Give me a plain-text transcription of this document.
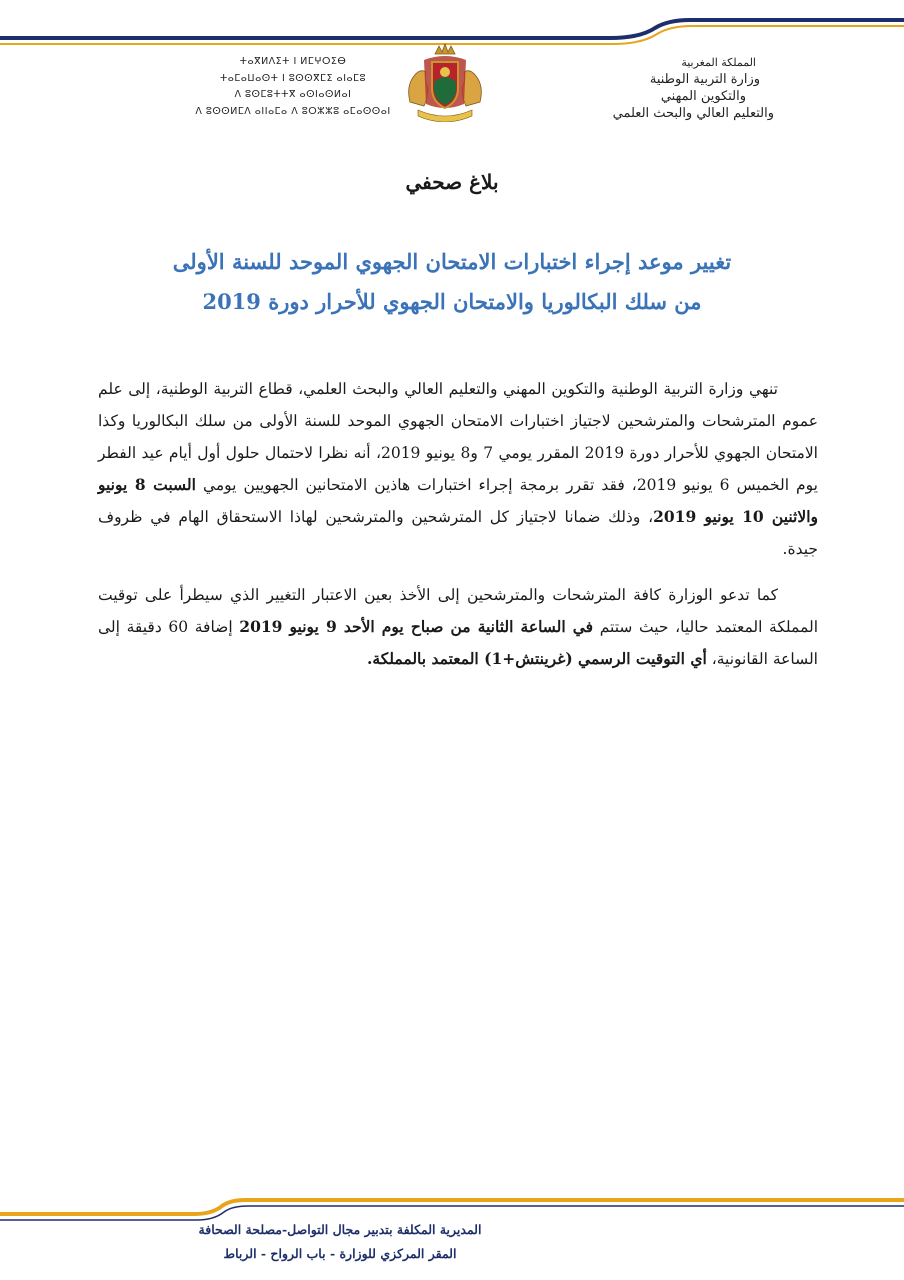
المملكة المغربية
وزارة التربية الوطنية
والتكوين المهني
والتعليم العالي والبحث العلمي
ⵜⴰⴳⵍⴷⵉⵜ ⵏ ⵍⵎⵖⵔⵉⴱ
ⵜⴰⵎⴰⵡⴰⵙⵜ ⵏ ⵓⵙⵙⴳⵎⵉ ⴰⵏⴰⵎⵓ
ⴷ ⵓⵙⵎⵓⵜⵜⴳ ⴰⵙⵏⴰⵙⵍⴰⵏ
ⴷ ⵓⵙⵙⵍⵎⴷ ⴰⵏⵏⴰⵎⴰ ⴷ ⵓⵔⵣⵣⵓ ⴰⵎⴰⵙⵙⴰⵏ
بلاغ صحفي
تغيير موعد إجراء اختبارات الامتحان الجهوي الموحد للسنة الأولى
من سلك البكالوريا والامتحان الجهوي للأحرار دورة 2019

تنهي وزارة التربية الوطنية والتكوين المهني والتعليم العالي والبحث العلمي، قطاع التربية الوطنية، إلى علم عموم المترشحات والمترشحين لاجتياز اختبارات الامتحان الجهوي الموحد للسنة الأولى من سلك البكالوريا وكذا الامتحان الجهوي للأحرار دورة 2019 المقرر يومي 7 و8 يونيو 2019، أنه نظرا لاحتمال حلول أول أيام عيد الفطر يوم الخميس 6 يونيو 2019، فقد تقرر برمجة إجراء اختبارات هاذين الامتحانين الجهويين يومي السبت 8 يونيو والاثنين 10 يونيو 2019، وذلك ضمانا لاجتياز كل المترشحين والمترشحين لهاذا الاستحقاق الهام في ظروف جيدة.

كما تدعو الوزارة كافة المترشحات والمترشحين إلى الأخذ بعين الاعتبار التغيير الذي سيطرأ على توقيت المملكة المعتمد حاليا، حيث ستتم في الساعة الثانية من صباح يوم الأحد 9 يونيو 2019 إضافة 60 دقيقة إلى الساعة القانونية، أي التوقيت الرسمي (غرينتش+1) المعتمد بالمملكة.

المديرية المكلفة بتدبير مجال التواصل-مصلحة الصحافة
المقر المركزي للوزارة - باب الرواح - الرباط
